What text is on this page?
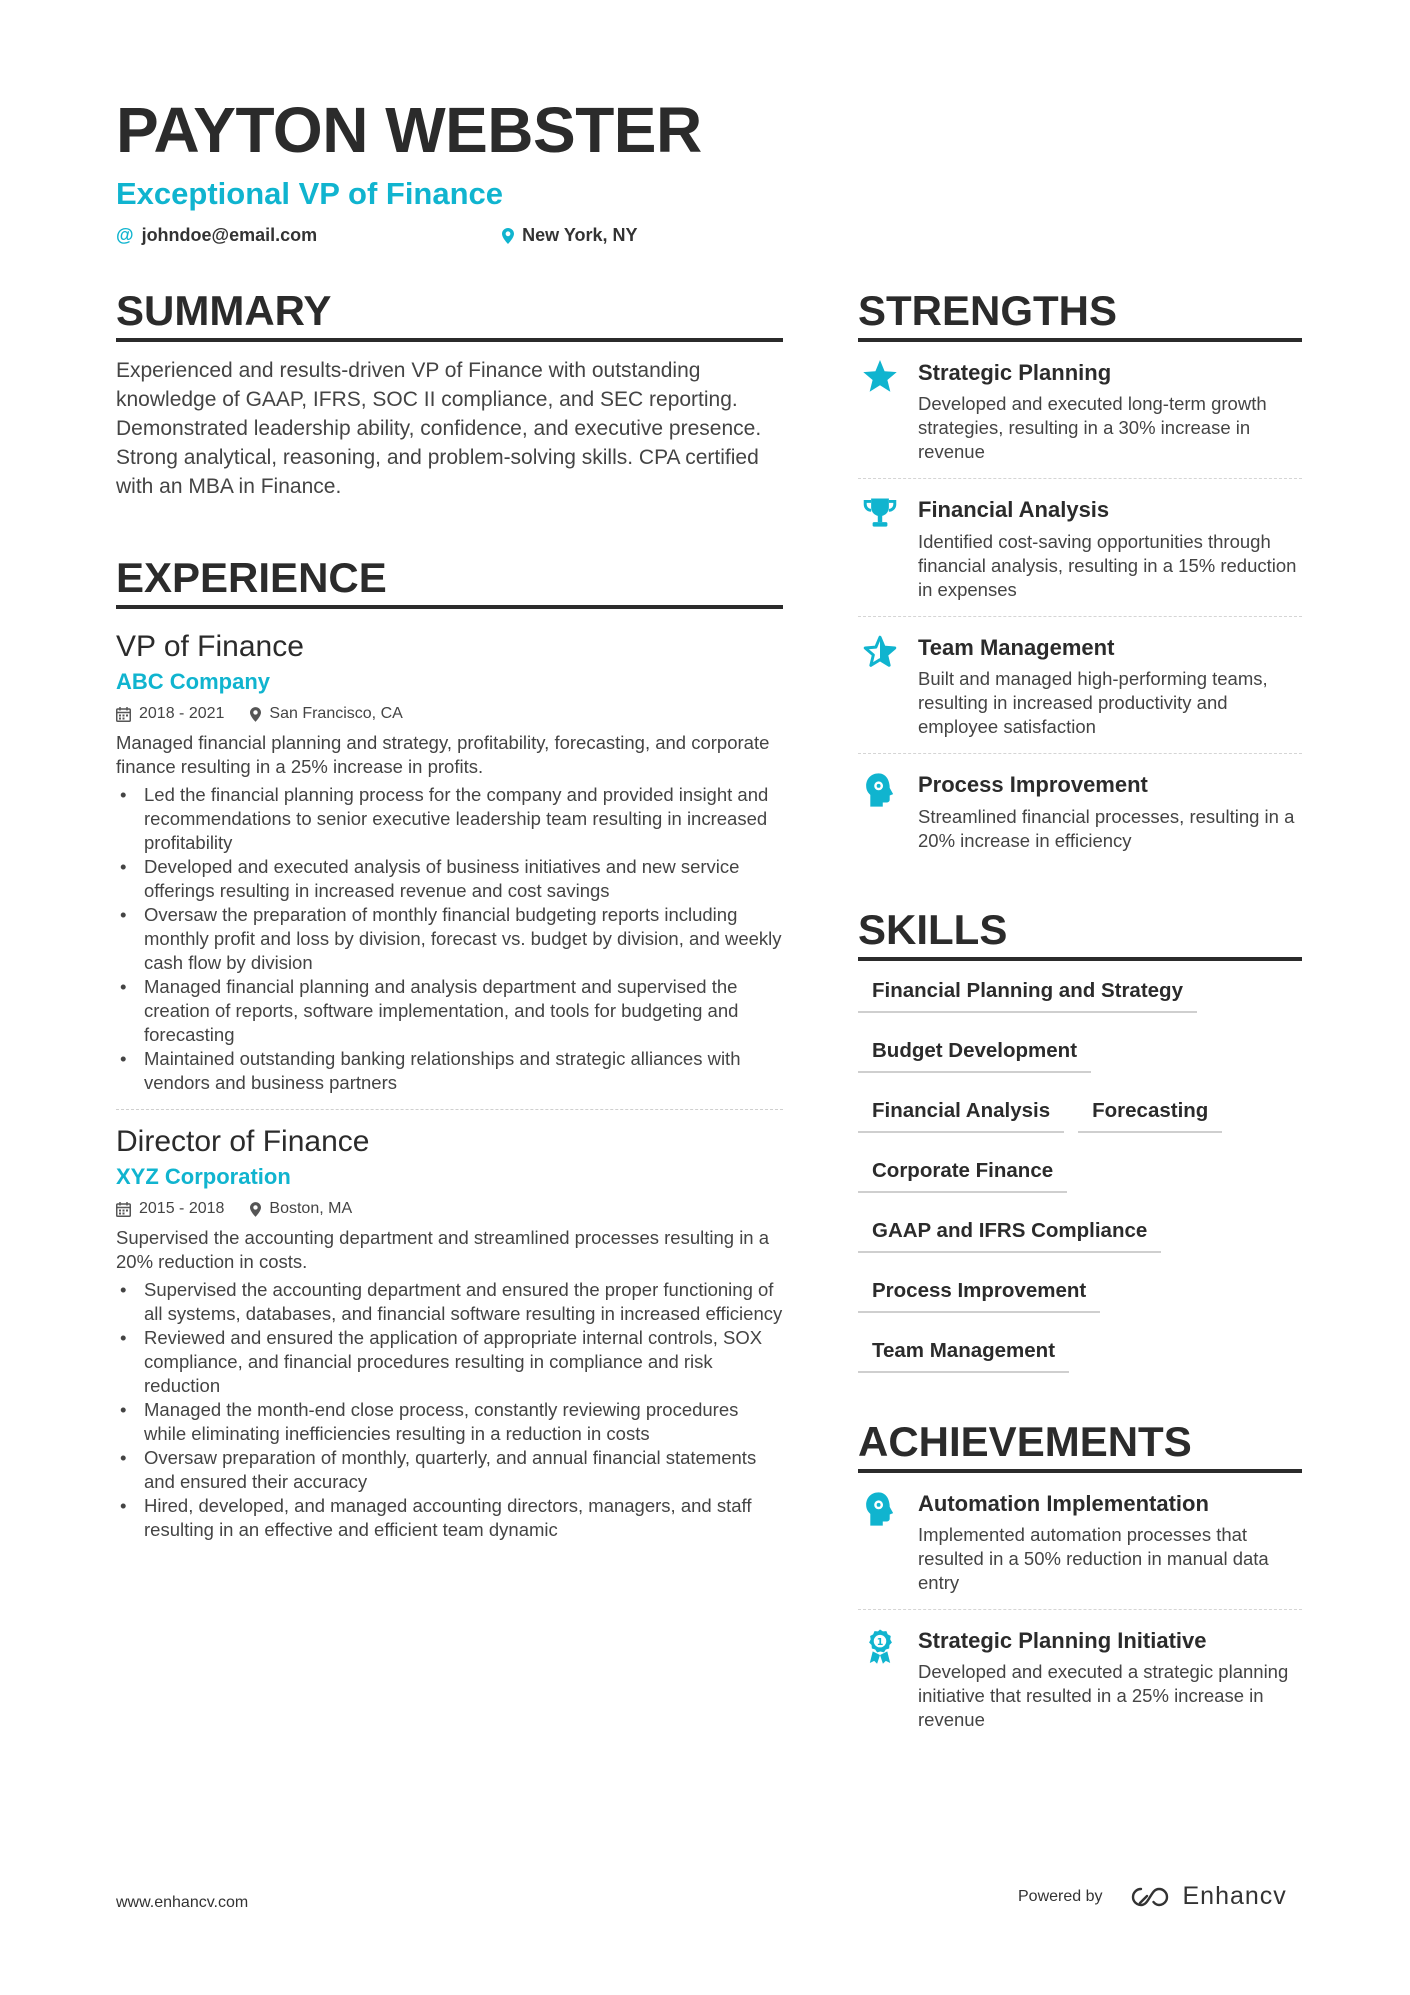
PAYTON WEBSTER
Exceptional VP of Finance
@ johndoe@email.com	New York, NY
SUMMARY
Experienced and results-driven VP of Finance with outstanding knowledge of GAAP, IFRS, SOC II compliance, and SEC reporting. Demonstrated leadership ability, confidence, and executive presence. Strong analytical, reasoning, and problem-solving skills. CPA certified with an MBA in Finance.
EXPERIENCE
VP of Finance
ABC Company
2018 - 2021	San Francisco, CA
Managed financial planning and strategy, profitability, forecasting, and corporate finance resulting in a 25% increase in profits.
• Led the financial planning process for the company and provided insight and recommendations to senior executive leadership team resulting in increased profitability
• Developed and executed analysis of business initiatives and new service offerings resulting in increased revenue and cost savings
• Oversaw the preparation of monthly financial budgeting reports including monthly profit and loss by division, forecast vs. budget by division, and weekly cash flow by division
• Managed financial planning and analysis department and supervised the creation of reports, software implementation, and tools for budgeting and forecasting
• Maintained outstanding banking relationships and strategic alliances with vendors and business partners
Director of Finance
XYZ Corporation
2015 - 2018	Boston, MA
Supervised the accounting department and streamlined processes resulting in a 20% reduction in costs.
• Supervised the accounting department and ensured the proper functioning of all systems, databases, and financial software resulting in increased efficiency
• Reviewed and ensured the application of appropriate internal controls, SOX compliance, and financial procedures resulting in compliance and risk reduction
• Managed the month-end close process, constantly reviewing procedures while eliminating inefficiencies resulting in a reduction in costs
• Oversaw preparation of monthly, quarterly, and annual financial statements and ensured their accuracy
• Hired, developed, and managed accounting directors, managers, and staff resulting in an effective and efficient team dynamic
STRENGTHS
Strategic Planning
Developed and executed long-term growth strategies, resulting in a 30% increase in revenue
Financial Analysis
Identified cost-saving opportunities through financial analysis, resulting in a 15% reduction in expenses
Team Management
Built and managed high-performing teams, resulting in increased productivity and employee satisfaction
Process Improvement
Streamlined financial processes, resulting in a 20% increase in efficiency
SKILLS
Financial Planning and Strategy
Budget Development
Financial Analysis	Forecasting
Corporate Finance
GAAP and IFRS Compliance
Process Improvement
Team Management
ACHIEVEMENTS
Automation Implementation
Implemented automation processes that resulted in a 50% reduction in manual data entry
1 Strategic Planning Initiative
Developed and executed a strategic planning initiative that resulted in a 25% increase in revenue
www.enhancv.com	Powered by	Enhancv
